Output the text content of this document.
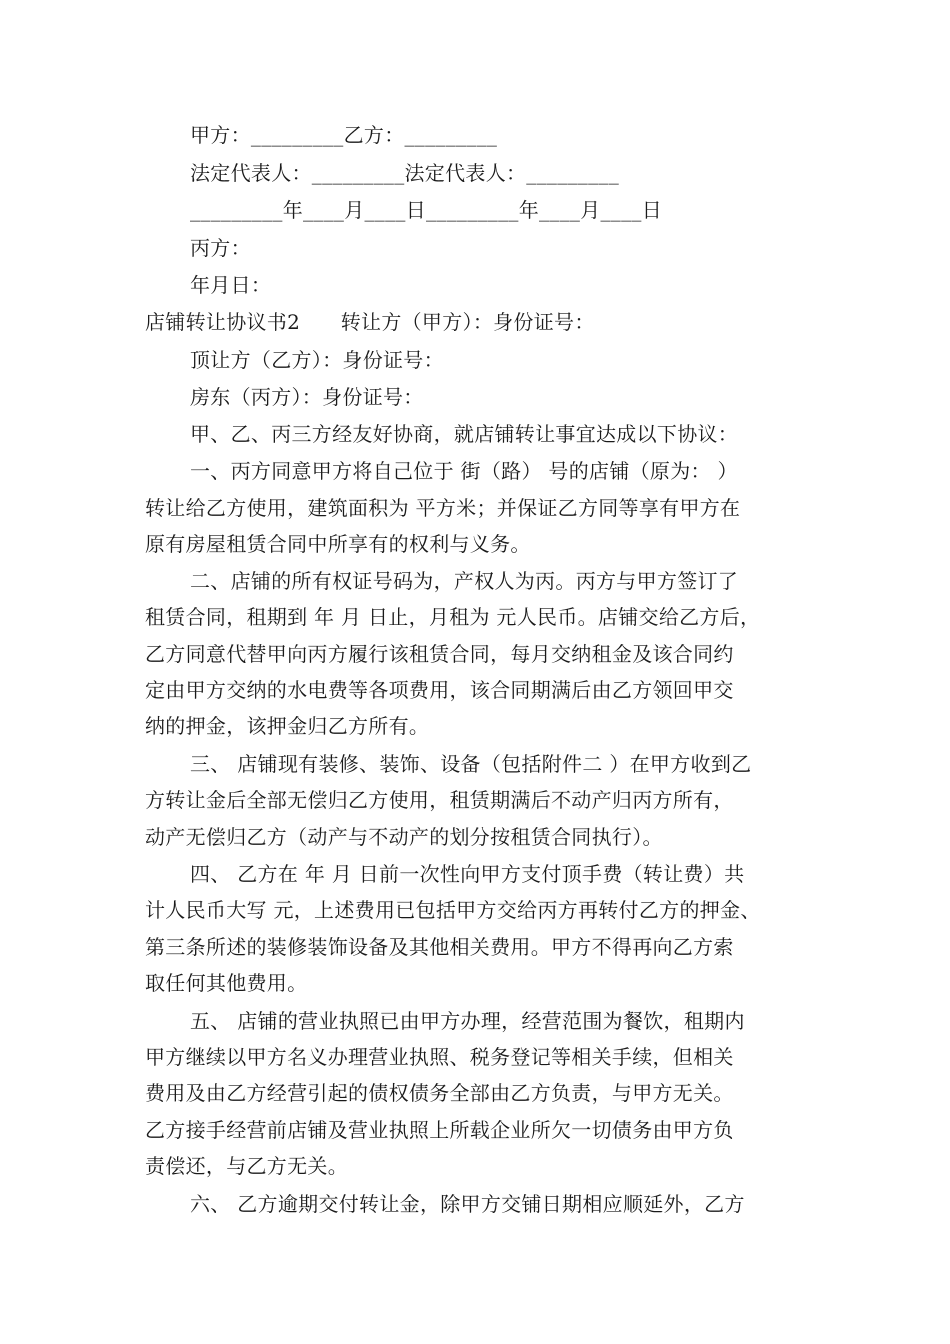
甲方：_________乙方：_________
法定代表人：_________法定代表人：_________
_________年____月____日_________年____月____日
丙方：
年月日：
店铺转让协议书2　　转让方（甲方）：身份证号：
顶让方（乙方）：身份证号：
房东（丙方）：身份证号：
甲、乙、丙三方经友好协商，就店铺转让事宜达成以下协议：
一、丙方同意甲方将自己位于 街（路） 号的店铺（原为： ）
转让给乙方使用，建筑面积为 平方米；并保证乙方同等享有甲方在
原有房屋租赁合同中所享有的权利与义务。
二、店铺的所有权证号码为，产权人为丙。丙方与甲方签订了
租赁合同，租期到 年 月 日止，月租为 元人民币。店铺交给乙方后，
乙方同意代替甲向丙方履行该租赁合同，每月交纳租金及该合同约
定由甲方交纳的水电费等各项费用，该合同期满后由乙方领回甲交
纳的押金，该押金归乙方所有。
三、 店铺现有装修、装饰、设备（包括附件二 ）在甲方收到乙
方转让金后全部无偿归乙方使用，租赁期满后不动产归丙方所有，
动产无偿归乙方（动产与不动产的划分按租赁合同执行）。
四、 乙方在 年 月 日前一次性向甲方支付顶手费（转让费）共
计人民币大写 元，上述费用已包括甲方交给丙方再转付乙方的押金、
第三条所述的装修装饰设备及其他相关费用。甲方不得再向乙方索
取任何其他费用。
五、 店铺的营业执照已由甲方办理，经营范围为餐饮，租期内
甲方继续以甲方名义办理营业执照、税务登记等相关手续，但相关
费用及由乙方经营引起的债权债务全部由乙方负责，与甲方无关。
乙方接手经营前店铺及营业执照上所载企业所欠一切债务由甲方负
责偿还，与乙方无关。
六、 乙方逾期交付转让金，除甲方交铺日期相应顺延外，乙方
